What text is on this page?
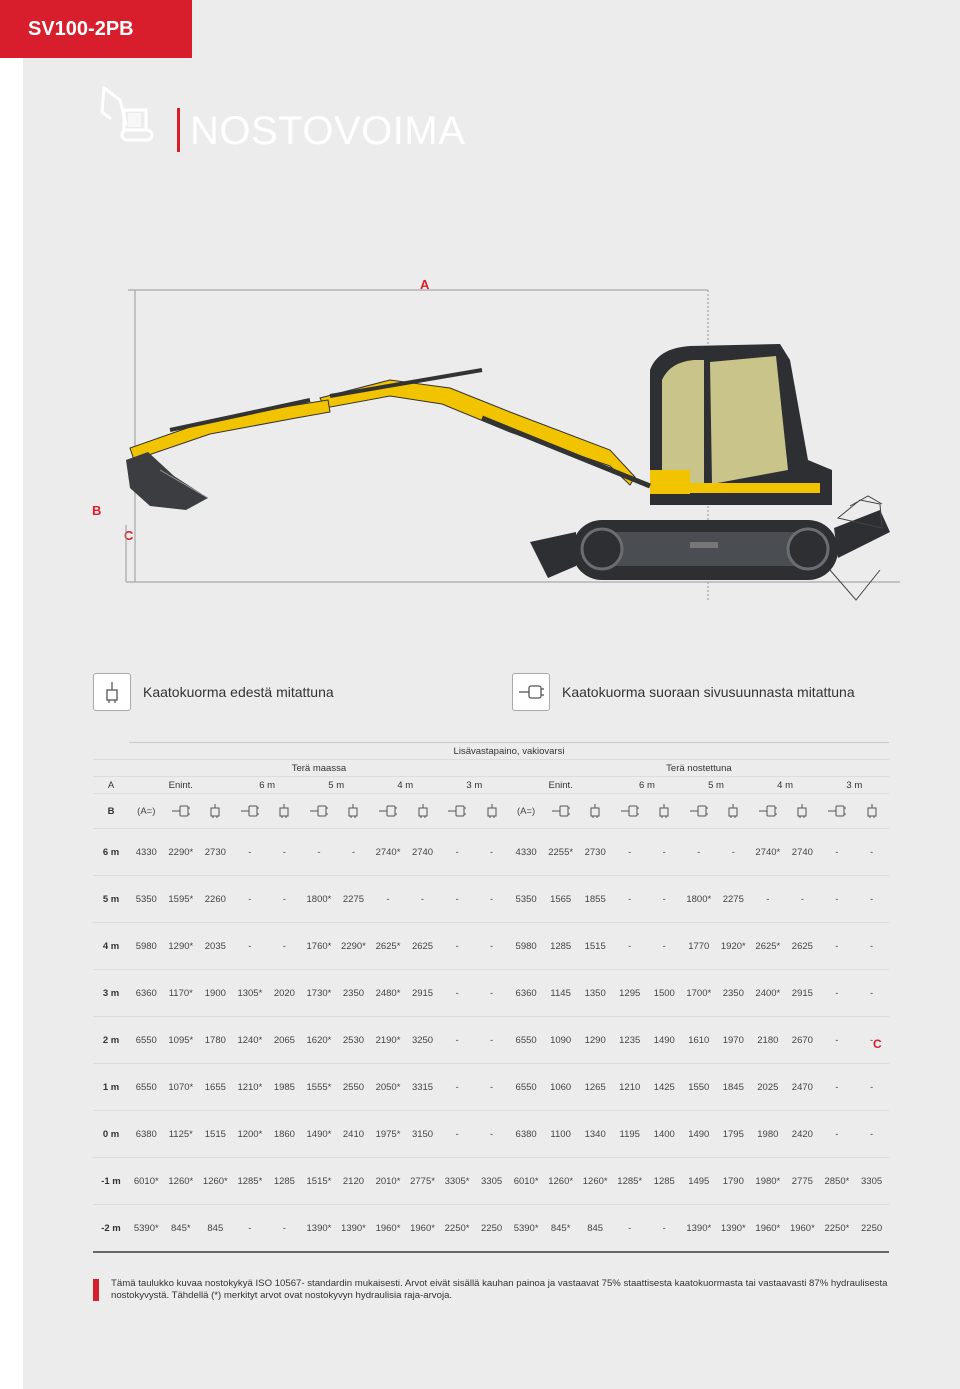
SV100-2PB
NOSTOVOIMA
A
B
C
Kaatokuorma edestä mitattuna	Kaatokuorma suoraan sivusuunnasta mitattuna
	Lisävastapaino, vakiovarsi																					
	Terä maassa											Terä nostettuna										
A	Enint.			6 m		5 m		4 m		3 m		Enint.			6 m		5 m		4 m		3 m	
B	(A=)											(A=)										
6 m	4330	2290*	2730	-	-	-	-	2740*	2740	-	-	4330	2255*	2730	-	-	-	-	2740*	2740	-	-
5 m	5350	1595*	2260	-	-	1800*	2275	-	-	-	-	5350	1565	1855	-	-	1800*	2275	-	-	-	-
4 m	5980	1290*	2035	-	-	1760*	2290*	2625*	2625	-	-	5980	1285	1515	-	-	1770	1920*	2625*	2625	-	-
3 m	6360	1170*	1900	1305*	2020	1730*	2350	2480*	2915	-	-	6360	1145	1350	1295	1500	1700*	2350	2400*	2915	-	-
2 m	6550	1095*	1780	1240*	2065	1620*	2530	2190*	3250	-	-	6550	1090	1290	1235	1490	1610	1970	2180	2670	-	-
1 m	6550	1070*	1655	1210*	1985	1555*	2550	2050*	3315	-	-	6550	1060	1265	1210	1425	1550	1845	2025	2470	-	-
0 m	6380	1125*	1515	1200*	1860	1490*	2410	1975*	3150	-	-	6380	1100	1340	1195	1400	1490	1795	1980	2420	-	-
-1 m	6010*	1260*	1260*	1285*	1285	1515*	2120	2010*	2775*	3305*	3305	6010*	1260*	1260*	1285*	1285	1495	1790	1980*	2775	2850*	3305
-2 m	5390*	845*	845	-	-	1390*	1390*	1960*	1960*	2250*	2250	5390*	845*	845	-	-	1390*	1390*	1960*	1960*	2250*	2250
C
Tämä taulukko kuvaa nostokykyä ISO 10567- standardin mukaisesti. Arvot eivät sisällä kauhan painoa ja vastaavat 75% staattisesta kaatokuormasta tai vastaavasti 87% hydraulisesta nostokyvystä. Tähdellä (*) merkityt arvot ovat nostokyvyn hydraulisia raja-arvoja.
